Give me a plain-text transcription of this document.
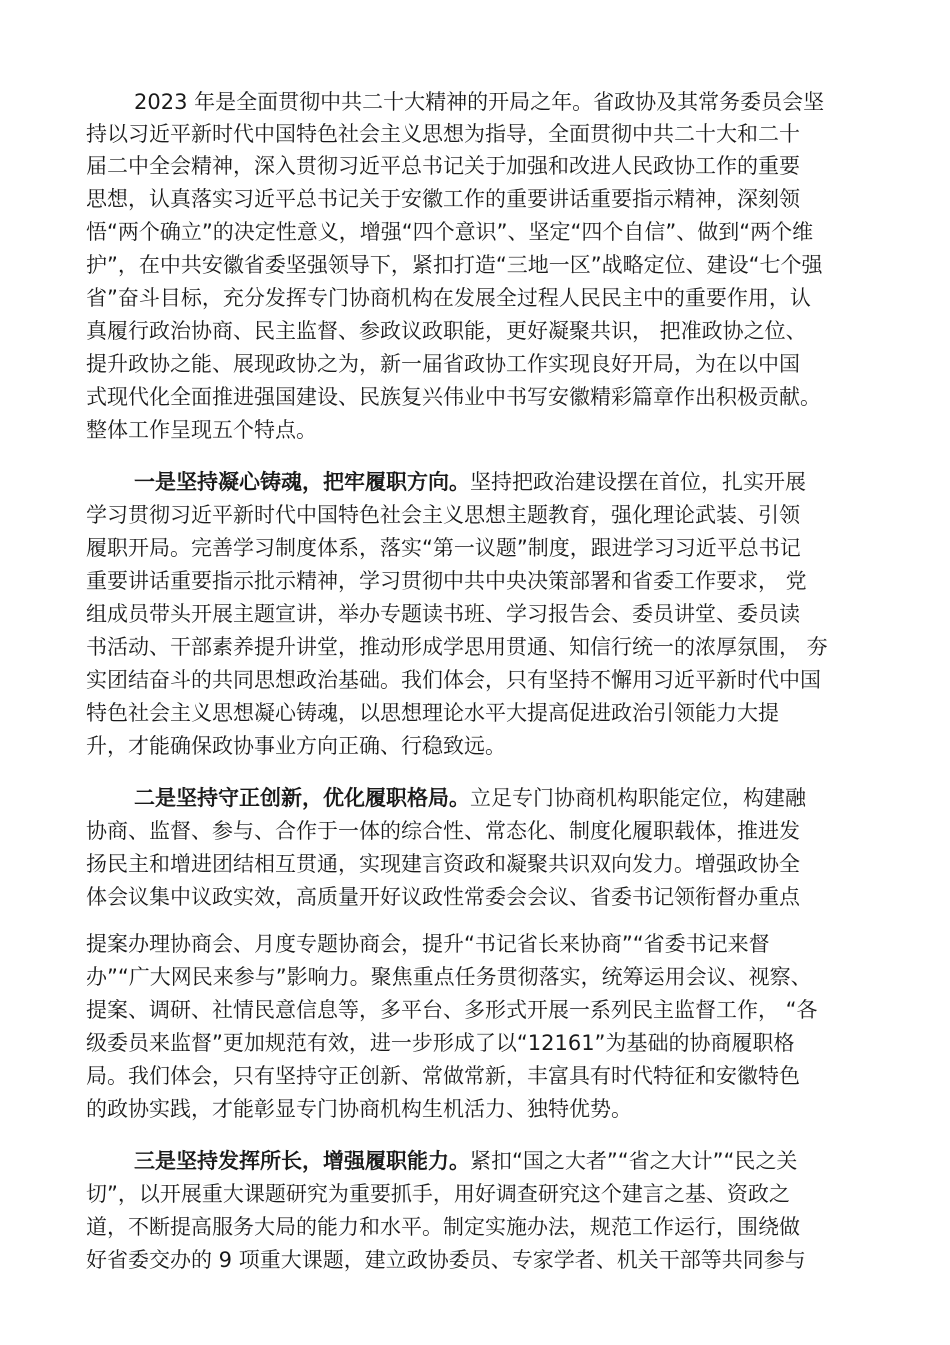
2023 年是全面贯彻中共二十大精神的开局之年。省政协及其常务委员会坚
持以习近平新时代中国特色社会主义思想为指导，全面贯彻中共二十大和二十
届二中全会精神，深入贯彻习近平总书记关于加强和改进人民政协工作的重要
思想，认真落实习近平总书记关于安徽工作的重要讲话重要指示精神，深刻领
悟“两个确立”的决定性意义，增强“四个意识”、坚定“四个自信”、做到“两个维
护”，在中共安徽省委坚强领导下，紧扣打造“三地一区”战略定位、建设“七个强
省”奋斗目标，充分发挥专门协商机构在发展全过程人民民主中的重要作用，认
真履行政治协商、民主监督、参政议政职能，更好凝聚共识， 把准政协之位、
提升政协之能、展现政协之为，新一届省政协工作实现良好开局，为在以中国
式现代化全面推进强国建设、民族复兴伟业中书写安徽精彩篇章作出积极贡献。
整体工作呈现五个特点。
一是坚持凝心铸魂，把牢履职方向。坚持把政治建设摆在首位，扎实开展
学习贯彻习近平新时代中国特色社会主义思想主题教育，强化理论武装、引领
履职开局。完善学习制度体系，落实“第一议题”制度，跟进学习习近平总书记
重要讲话重要指示批示精神，学习贯彻中共中央决策部署和省委工作要求， 党
组成员带头开展主题宣讲，举办专题读书班、学习报告会、委员讲堂、委员读
书活动、干部素养提升讲堂，推动形成学思用贯通、知信行统一的浓厚氛围， 夯
实团结奋斗的共同思想政治基础。我们体会，只有坚持不懈用习近平新时代中国
特色社会主义思想凝心铸魂，以思想理论水平大提高促进政治引领能力大提
升，才能确保政协事业方向正确、行稳致远。
二是坚持守正创新，优化履职格局。立足专门协商机构职能定位，构建融
协商、监督、参与、合作于一体的综合性、常态化、制度化履职载体，推进发
扬民主和增进团结相互贯通，实现建言资政和凝聚共识双向发力。增强政协全
体会议集中议政实效，高质量开好议政性常委会会议、省委书记领衔督办重点
提案办理协商会、月度专题协商会，提升“书记省长来协商”“省委书记来督
办”“广大网民来参与”影响力。聚焦重点任务贯彻落实，统筹运用会议、视察、
提案、调研、社情民意信息等，多平台、多形式开展一系列民主监督工作， “各
级委员来监督”更加规范有效，进一步形成了以“12161”为基础的协商履职格
局。我们体会，只有坚持守正创新、常做常新，丰富具有时代特征和安徽特色
的政协实践，才能彰显专门协商机构生机活力、独特优势。
三是坚持发挥所长，增强履职能力。紧扣“国之大者”“省之大计”“民之关
切”，以开展重大课题研究为重要抓手，用好调查研究这个建言之基、资政之
道，不断提高服务大局的能力和水平。制定实施办法，规范工作运行，围绕做
好省委交办的 9 项重大课题，建立政协委员、专家学者、机关干部等共同参与
